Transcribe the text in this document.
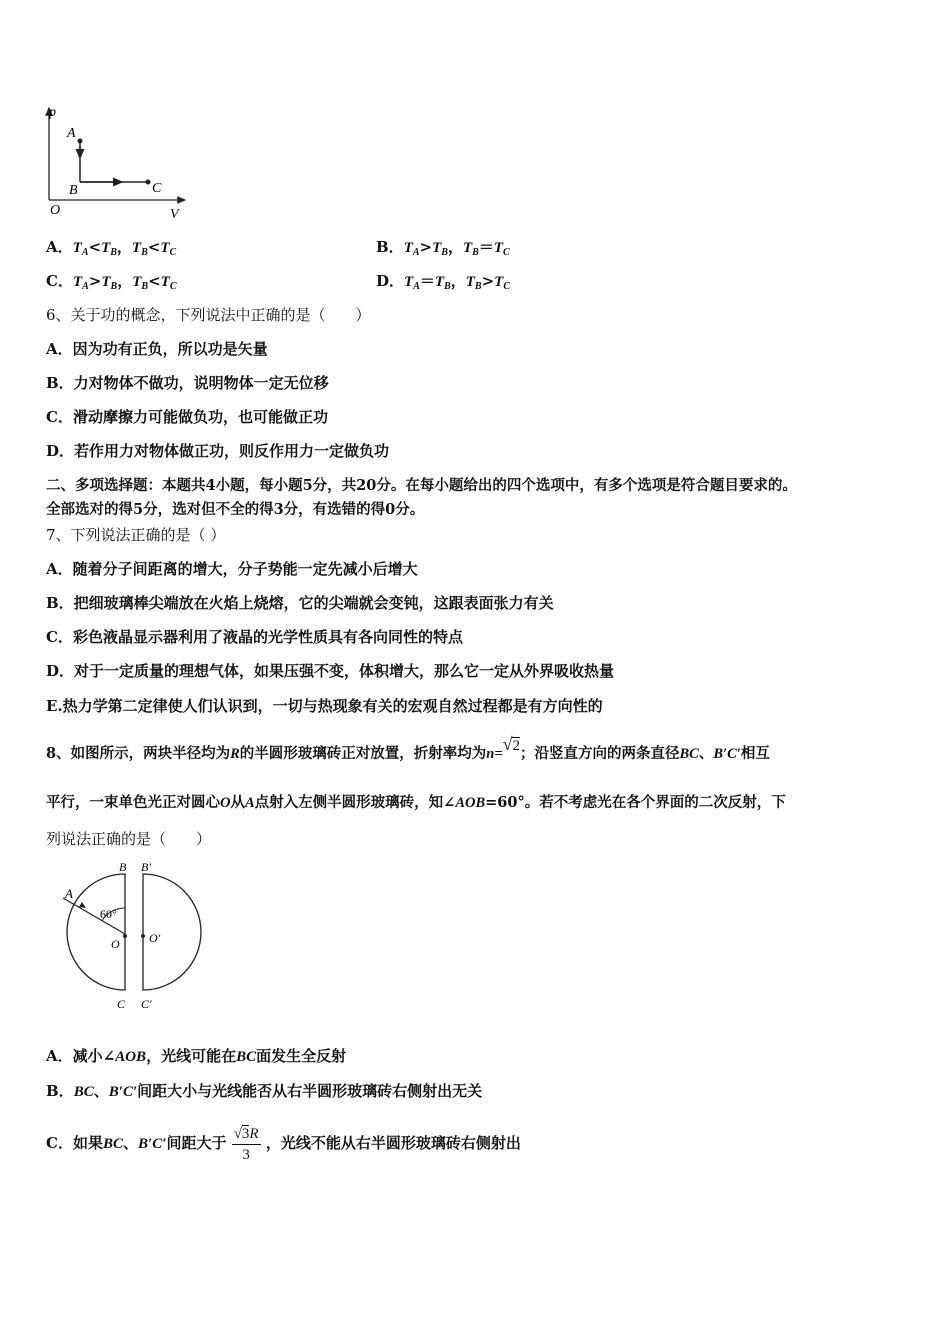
p
V
O
A
B	C
A．$T_A<T_B$，$T_B<T_C$	B．$T_A>T_B$，$T_B=T_C$
C．$T_A>T_B$，$T_B<T_C$	D．$T_A=T_B$，$T_B>T_C$
6、关于功的概念，下列说法中正确的是（　　）
A．因为功有正负，所以功是矢量
B．力对物体不做功，说明物体一定无位移
C．滑动摩擦力可能做负功，也可能做正功
D．若作用力对物体做正功，则反作用力一定做负功
二、多项选择题：本题共4小题，每小题5分，共20分。在每小题给出的四个选项中，有多个选项是符合题目要求的。
全部选对的得5分，选对但不全的得3分，有选错的得0分。
7、下列说法正确的是（ ）
A．随着分子间距离的增大，分子势能一定先减小后增大
B．把细玻璃棒尖端放在火焰上烧熔，它的尖端就会变钝，这跟表面张力有关
C．彩色液晶显示器利用了液晶的光学性质具有各向同性的特点
D．对于一定质量的理想气体，如果压强不变，体积增大，那么它一定从外界吸收热量
E.热力学第二定律使人们认识到，一切与热现象有关的宏观自然过程都是有方向性的
8、如图所示，两块半径均为R的半圆形玻璃砖正对放置，折射率均为n=√2；沿竖直方向的两条直径BC、B′C′相互
平行，一束单色光正对圆心O从A点射入左侧半圆形玻璃砖，知∠AOB=60°。若不考虑光在各个界面的二次反射，下
列说法正确的是（　　）
B B′
A
60°
O O′
C C′
A．减小∠AOB，光线可能在BC面发生全反射
B．BC、B′C′间距大小与光线能否从右半圆形玻璃砖右侧射出无关
C．如果BC、B′C′间距大于 $\frac{√3R}{3}$ ，光线不能从右半圆形玻璃砖右侧射出
